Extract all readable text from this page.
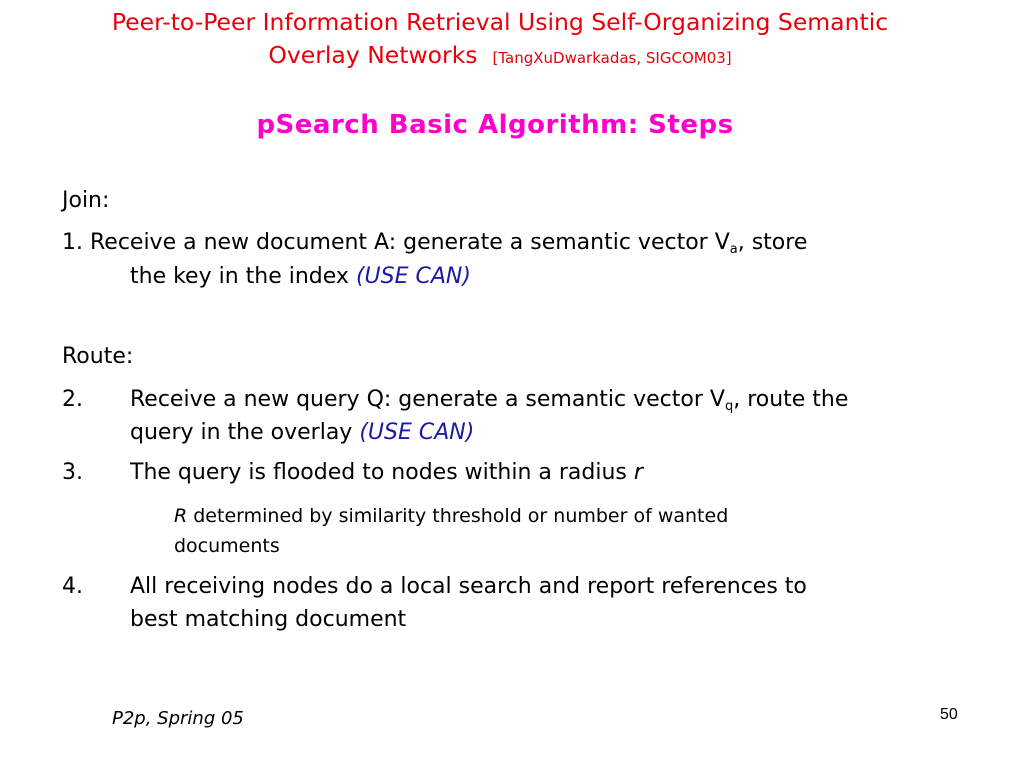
Peer-to-Peer Information Retrieval Using Self-Organizing Semantic
Overlay Networks [TangXuDwarkadas, SIGCOM03]
pSearch Basic Algorithm: Steps
Join:
1. Receive a new document A: generate a semantic vector $V_a$, store
the key in the index (USE CAN)
Route:
2. Receive a new query Q: generate a semantic vector $V_q$, route the
query in the overlay (USE CAN)
3. The query is flooded to nodes within a radius r
R determined by similarity threshold or number of wanted
documents
4. All receiving nodes do a local search and report references to
best matching document
P2p, Spring 05	50
